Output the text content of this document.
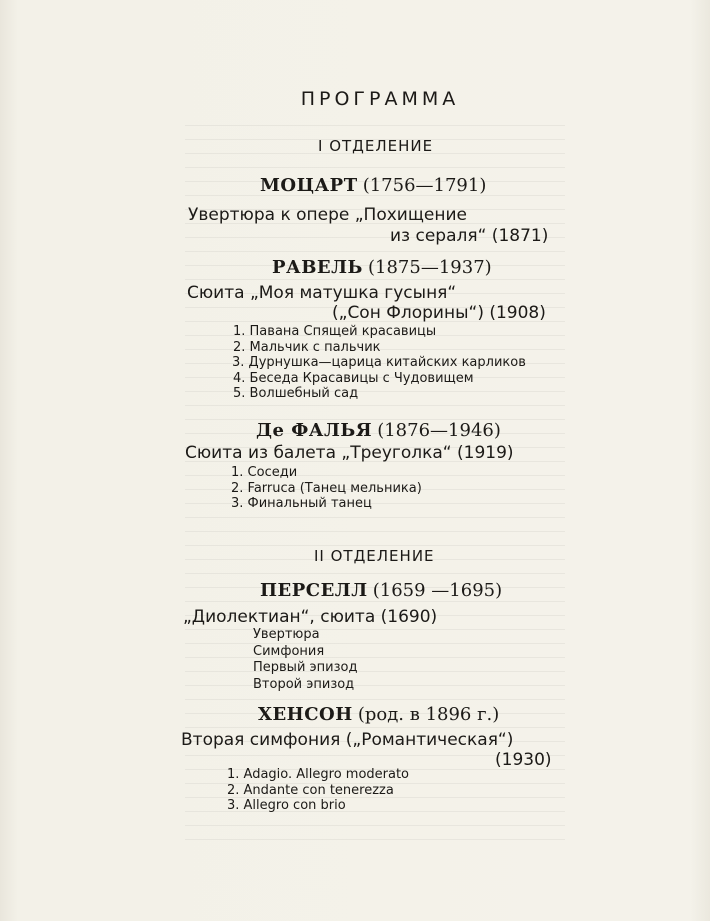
ПРОГРАММА
I ОТДЕЛЕНИЕ
МОЦАРТ (1756—1791)
Увертюра к опере „Похищение
из сераля“ (1871)
РАВЕЛЬ (1875—1937)
Сюита „Моя матушка гусыня“
(„Сон Флорины“) (1908)
1. Павана Спящей красавицы
2. Мальчик с пальчик
3. Дурнушка—царица китайских карликов
4. Беседа Красавицы с Чудовищем
5. Волшебный сад
Де ФАЛЬЯ (1876—1946)
Сюита из балета „Треуголка“ (1919)
1. Соседи
2. Farruca (Танец мельника)
3. Финальный танец
II ОТДЕЛЕНИЕ
ПЕРСЕЛЛ (1659 —1695)
„Диолектиан“, сюита (1690)
Увертюра
Симфония
Первый эпизод
Второй эпизод
ХЕНСОН (род. в 1896 г.)
Вторая симфония („Романтическая“)
(1930)
1. Adagio. Allegro moderato
2. Andante con tenerezza
3. Allegro con brio
